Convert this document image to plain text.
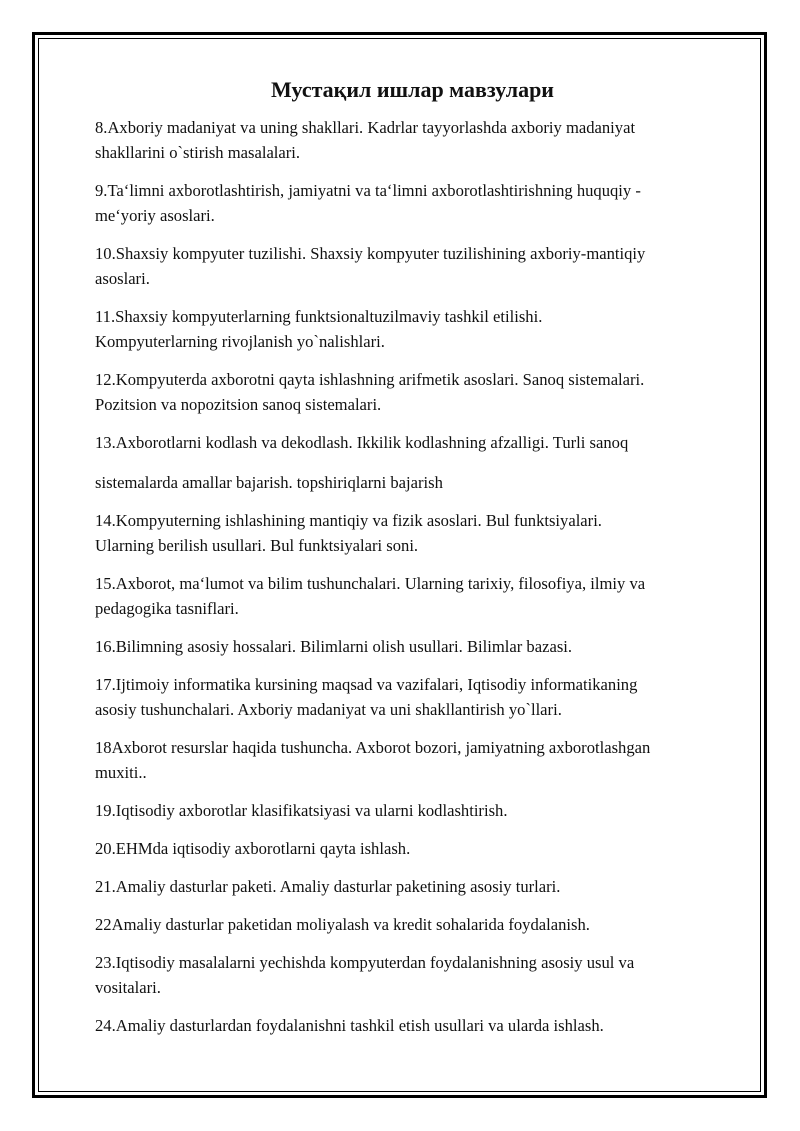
Мустақил ишлар мавзулари
8.Axboriy madaniyat va uning shakllari. Kadrlar tayyorlashda axboriy madaniyat
shakllarini o`stirish masalalari.
9.Ta‘limni axborotlashtirish, jamiyatni va ta‘limni axborotlashtirishning huquqiy -
me‘yoriy asoslari.
10.Shaxsiy kompyuter tuzilishi. Shaxsiy kompyuter tuzilishining axboriy-mantiqiy
asoslari.
11.Shaxsiy kompyuterlarning funktsionaltuzilmaviy tashkil etilishi.
Kompyuterlarning rivojlanish yo`nalishlari.
12.Kompyuterda axborotni qayta ishlashning arifmetik asoslari. Sanoq sistemalari.
Pozitsion va nopozitsion sanoq sistemalari.
13.Axborotlarni kodlash va dekodlash. Ikkilik kodlashning afzalligi. Turli sanoq
sistemalarda amallar bajarish. topshiriqlarni bajarish
14.Kompyuterning ishlashining mantiqiy va fizik asoslari. Bul funktsiyalari.
Ularning berilish usullari. Bul funktsiyalari soni.
15.Axborot, ma‘lumot va bilim tushunchalari. Ularning tarixiy, filosofiya, ilmiy va
pedagogika tasniflari.
16.Bilimning asosiy hossalari. Bilimlarni olish usullari. Bilimlar bazasi.
17.Ijtimoiy informatika kursining maqsad va vazifalari, Iqtisodiy informatikaning
asosiy tushunchalari. Axboriy madaniyat va uni shakllantirish yo`llari.
18Axborot resurslar haqida tushuncha. Axborot bozori, jamiyatning axborotlashgan
muxiti..
19.Iqtisodiy axborotlar klasifikatsiyasi va ularni kodlashtirish.
20.EHMda iqtisodiy axborotlarni qayta ishlash.
21.Amaliy dasturlar paketi. Amaliy dasturlar paketining asosiy turlari.
22Amaliy dasturlar paketidan moliyalash va kredit sohalarida foydalanish.
23.Iqtisodiy masalalarni yechishda kompyuterdan foydalanishning asosiy usul va
vositalari.
24.Amaliy dasturlardan foydalanishni tashkil etish usullari va ularda ishlash.
